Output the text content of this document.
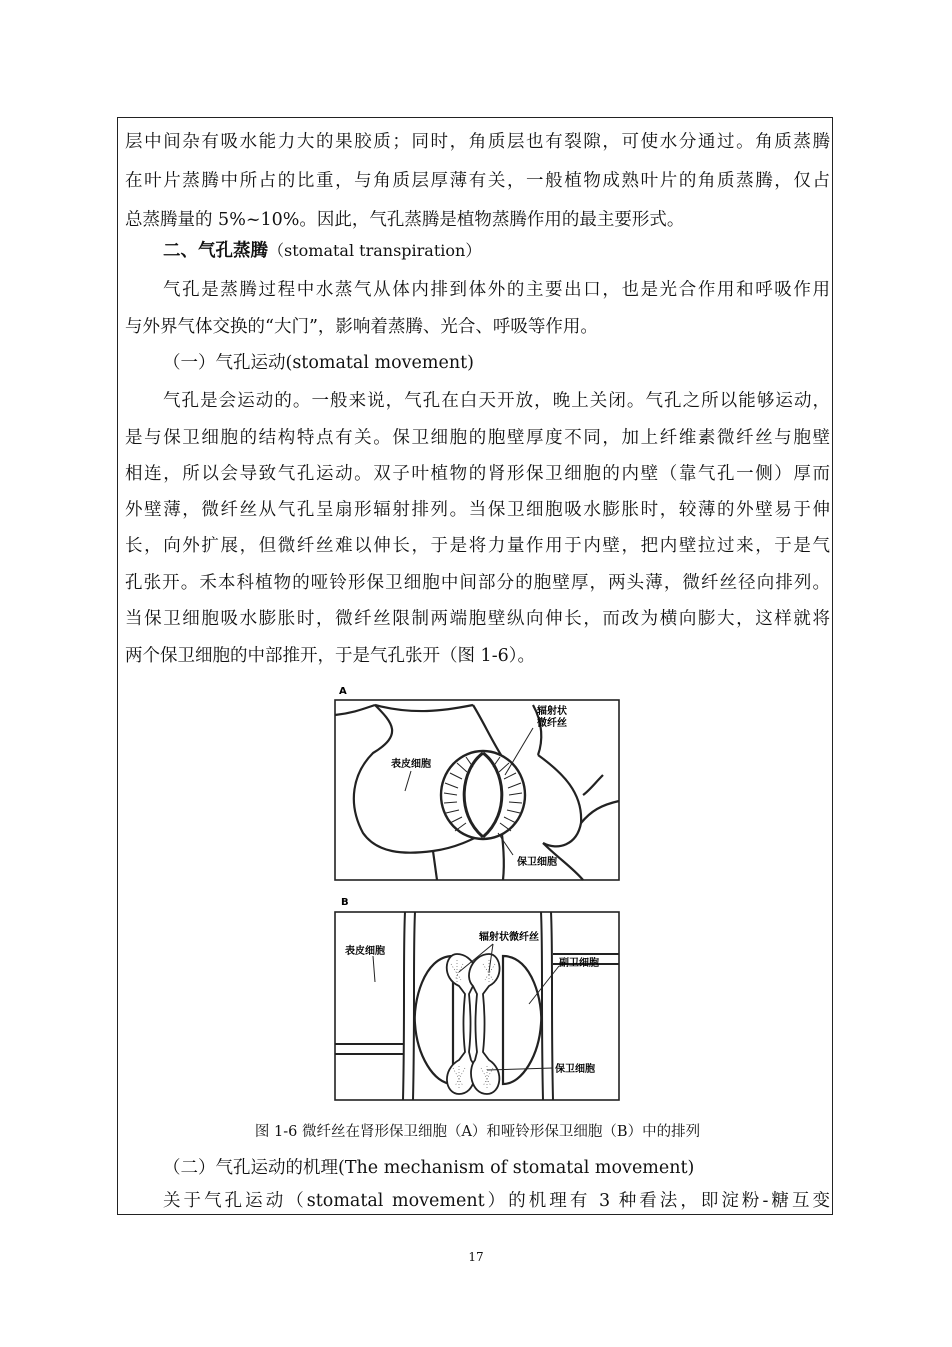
层中间杂有吸水能力大的果胶质；同时，角质层也有裂隙，可使水分通过。角质蒸腾
在叶片蒸腾中所占的比重，与角质层厚薄有关，一般植物成熟叶片的角质蒸腾，仅占
总蒸腾量的 5%~10%。因此，气孔蒸腾是植物蒸腾作用的最主要形式。
二、气孔蒸腾（stomatal transpiration）
气孔是蒸腾过程中水蒸气从体内排到体外的主要出口，也是光合作用和呼吸作用
与外界气体交换的“大门”，影响着蒸腾、光合、呼吸等作用。
（一）气孔运动(stomatal movement)
气孔是会运动的。一般来说，气孔在白天开放，晚上关闭。气孔之所以能够运动，
是与保卫细胞的结构特点有关。保卫细胞的胞壁厚度不同，加上纤维素微纤丝与胞壁
相连，所以会导致气孔运动。双子叶植物的肾形保卫细胞的内壁（靠气孔一侧）厚而
外壁薄，微纤丝从气孔呈扇形辐射排列。当保卫细胞吸水膨胀时，较薄的外壁易于伸
长，向外扩展，但微纤丝难以伸长，于是将力量作用于内壁，把内壁拉过来，于是气
孔张开。禾本科植物的哑铃形保卫细胞中间部分的胞壁厚，两头薄，微纤丝径向排列。
当保卫细胞吸水膨胀时，微纤丝限制两端胞壁纵向伸长，而改为横向膨大，这样就将
两个保卫细胞的中部推开，于是气孔张开（图 1-6）。
A
辐射状
微纤丝
表皮细胞
保卫细胞
B
表皮细胞
辐射状微纤丝
副卫细胞
保卫细胞
图 1-6 微纤丝在肾形保卫细胞（A）和哑铃形保卫细胞（B）中的排列
（二）气孔运动的机理(The mechanism of stomatal movement)
关于气孔运动（stomatal movement）的机理有 3 种看法，即淀粉-糖互变
17
